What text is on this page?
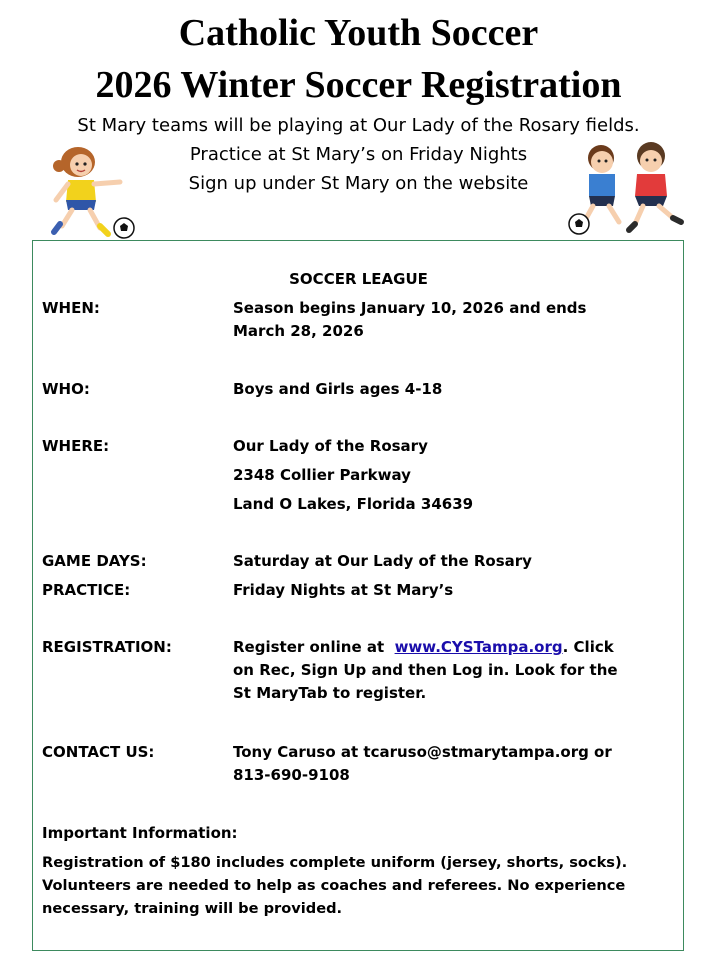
Catholic Youth Soccer
2026 Winter Soccer Registration
St Mary teams will be playing at Our Lady of the Rosary fields.
Practice at St Mary’s on Friday Nights
Sign up under St Mary on the website
SOCCER LEAGUE
WHEN:	Season begins January 10, 2026 and ends
March 28, 2026
WHO:	Boys and Girls ages 4-18
WHERE:	Our Lady of the Rosary
2348 Collier Parkway
Land O Lakes, Florida 34639
GAME DAYS:	Saturday at Our Lady of the Rosary
PRACTICE:	Friday Nights at St Mary’s
REGISTRATION:	Register online at  www.CYSTampa.org. Click
on Rec, Sign Up and then Log in. Look for the
St MaryTab to register.
CONTACT US:	Tony Caruso at tcaruso@stmarytampa.org or
813-690-9108
Important Information:
Registration of $180 includes complete uniform (jersey, shorts, socks).
Volunteers are needed to help as coaches and referees. No experience
necessary, training will be provided.
